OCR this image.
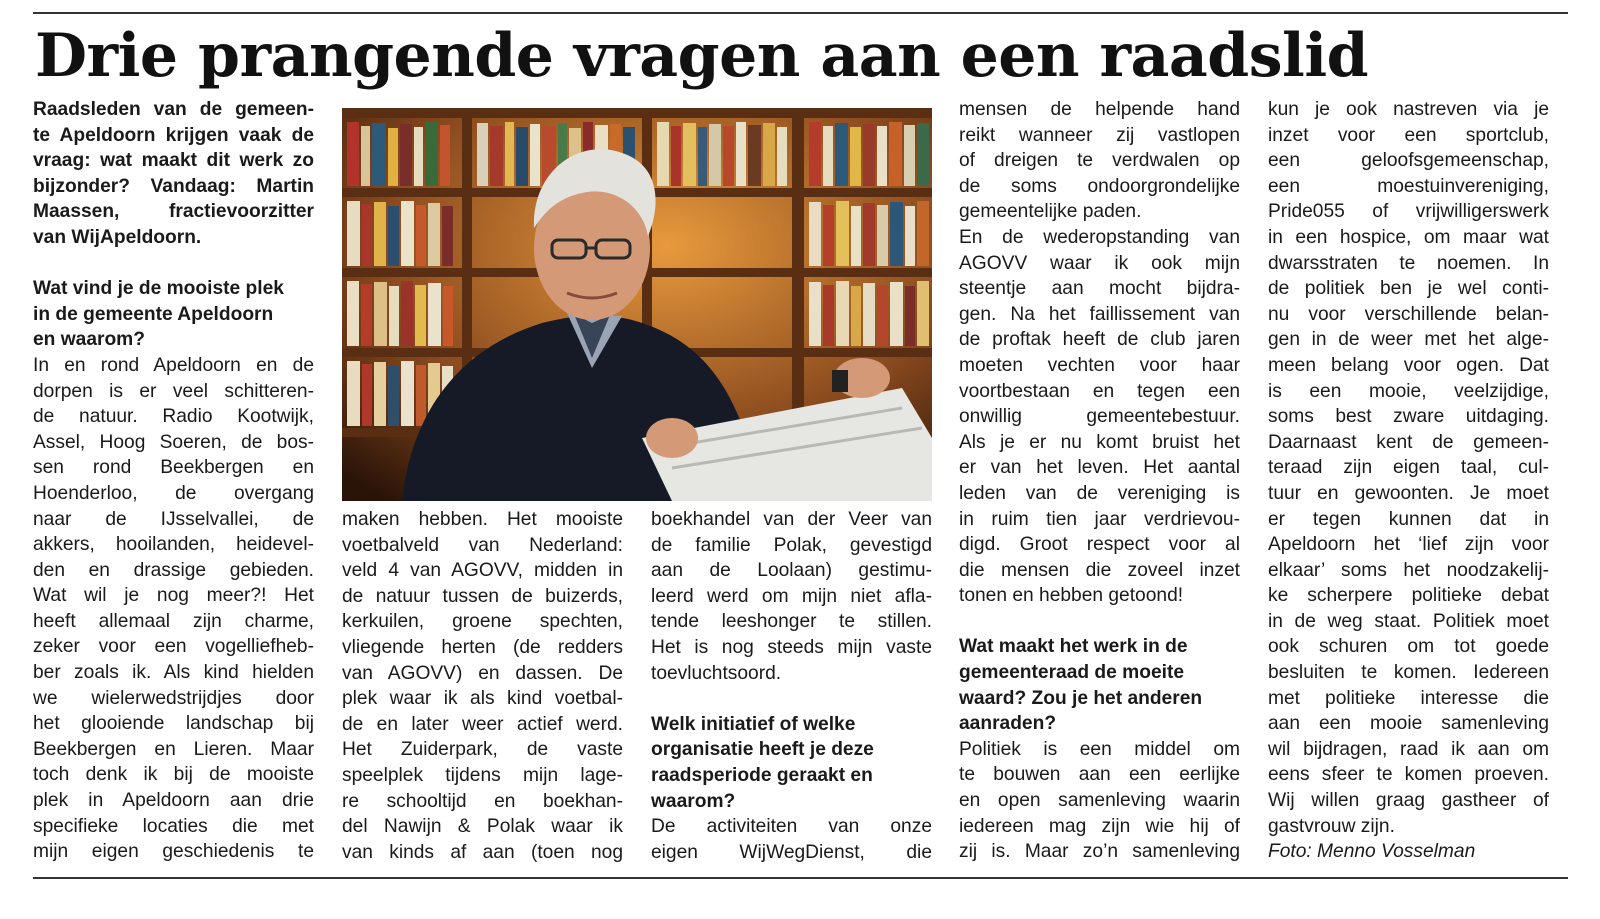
Drie prangende vragen aan een raadslid

Raadsleden van de gemeen-

te Apeldoorn krijgen vaak de

vraag: wat maakt dit werk zo

bijzonder? Vandaag: Martin

Maassen, fractievoorzitter

van WijApeldoorn.

Wat vind je de mooiste plek

in de gemeente Apeldoorn

en waarom?

In en rond Apeldoorn en de

dorpen is er veel schitteren-

de natuur. Radio Kootwijk,

Assel, Hoog Soeren, de bos-

sen rond Beekbergen en

Hoenderloo, de overgang

naar de IJsselvallei, de

akkers, hooilanden, heidevel-

den en drassige gebieden.

Wat wil je nog meer?! Het

heeft allemaal zijn charme,

zeker voor een vogelliefheb-

ber zoals ik. Als kind hielden

we wielerwedstrijdjes door

het glooiende landschap bij

Beekbergen en Lieren. Maar

toch denk ik bij de mooiste

plek in Apeldoorn aan drie

specifieke locaties die met

mijn eigen geschiedenis te

maken hebben. Het mooiste

voetbalveld van Nederland:

veld 4 van AGOVV, midden in

de natuur tussen de buizerds,

kerkuilen, groene spechten,

vliegende herten (de redders

van AGOVV) en dassen. De

plek waar ik als kind voetbal-

de en later weer actief werd.

Het Zuiderpark, de vaste

speelplek tijdens mijn lage-

re schooltijd en boekhan-

del Nawijn & Polak waar ik

van kinds af aan (toen nog

boekhandel van der Veer van

de familie Polak, gevestigd

aan de Loolaan) gestimu-

leerd werd om mijn niet afla-

tende leeshonger te stillen.

Het is nog steeds mijn vaste

toevluchtsoord.

Welk initiatief of welke

organisatie heeft je deze

raadsperiode geraakt en

waarom?

De activiteiten van onze

eigen WijWegDienst, die

mensen de helpende hand

reikt wanneer zij vastlopen

of dreigen te verdwalen op

de soms ondoorgrondelijke

gemeentelijke paden.

En de wederopstanding van

AGOVV waar ik ook mijn

steentje aan mocht bijdra-

gen. Na het faillissement van

de proftak heeft de club jaren

moeten vechten voor haar

voortbestaan en tegen een

onwillig gemeentebestuur.

Als je er nu komt bruist het

er van het leven. Het aantal

leden van de vereniging is

in ruim tien jaar verdrievou-

digd. Groot respect voor al

die mensen die zoveel inzet

tonen en hebben getoond!

Wat maakt het werk in de

gemeenteraad de moeite

waard? Zou je het anderen

aanraden?

Politiek is een middel om

te bouwen aan een eerlijke

en open samenleving waarin

iedereen mag zijn wie hij of

zij is. Maar zo’n samenleving

kun je ook nastreven via je

inzet voor een sportclub,

een geloofsgemeenschap,

een moestuinvereniging,

Pride055 of vrijwilligerswerk

in een hospice, om maar wat

dwarsstraten te noemen. In

de politiek ben je wel conti-

nu voor verschillende belan-

gen in de weer met het alge-

meen belang voor ogen. Dat

is een mooie, veelzijdige,

soms best zware uitdaging.

Daarnaast kent de gemeen-

teraad zijn eigen taal, cul-

tuur en gewoonten. Je moet

er tegen kunnen dat in

Apeldoorn het ‘lief zijn voor

elkaar’ soms het noodzakelij-

ke scherpere politieke debat

in de weg staat. Politiek moet

ook schuren om tot goede

besluiten te komen. Iedereen

met politieke interesse die

aan een mooie samenleving

wil bijdragen, raad ik aan om

eens sfeer te komen proeven.

Wij willen graag gastheer of

gastvrouw zijn.

Foto: Menno Vosselman
